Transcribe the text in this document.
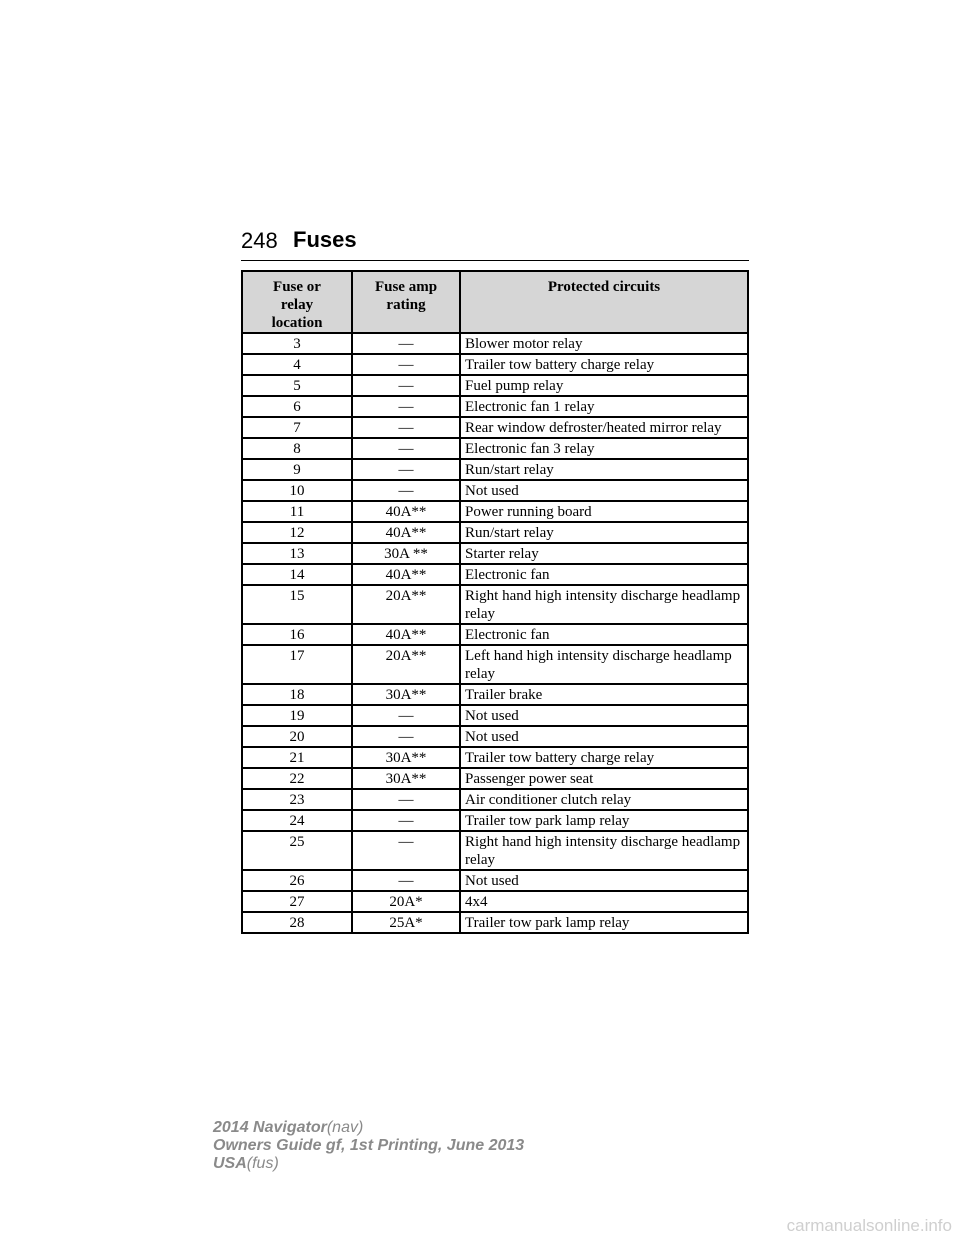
248 Fuses
Fuse or relay location	Fuse amp rating	Protected circuits
3	—	Blower motor relay
4	—	Trailer tow battery charge relay
5	—	Fuel pump relay
6	—	Electronic fan 1 relay
7	—	Rear window defroster/heated mirror relay
8	—	Electronic fan 3 relay
9	—	Run/start relay
10	—	Not used
11	40A**	Power running board
12	40A**	Run/start relay
13	30A **	Starter relay
14	40A**	Electronic fan
15	20A**	Right hand high intensity discharge headlamp relay
16	40A**	Electronic fan
17	20A**	Left hand high intensity discharge headlamp relay
18	30A**	Trailer brake
19	—	Not used
20	—	Not used
21	30A**	Trailer tow battery charge relay
22	30A**	Passenger power seat
23	—	Air conditioner clutch relay
24	—	Trailer tow park lamp relay
25	—	Right hand high intensity discharge headlamp relay
26	—	Not used
27	20A*	4x4
28	25A*	Trailer tow park lamp relay
2014 Navigator(nav)
Owners Guide gf, 1st Printing, June 2013
USA(fus)
carmanualsonline.info
